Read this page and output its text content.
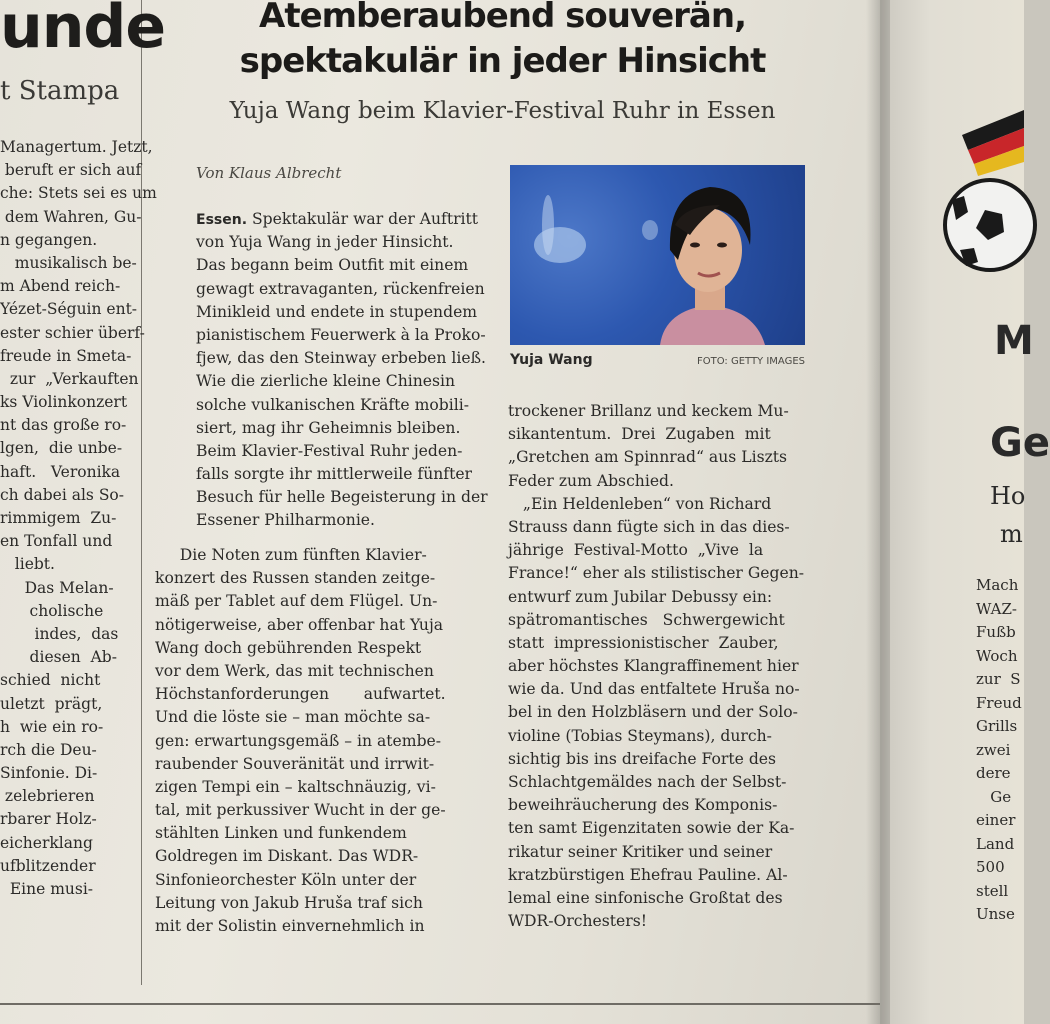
M
Ge
Ho
m
Mach
WAZ-
Fußb
Woch
zur  S
Freud
Grills
zwei
dere
Ge
einer
Land
500
stell
Unse
unde
t Stampa
Managertum. Jetzt,
beruft er sich auf
che: Stets sei es um
dem Wahren, Gu-
n gegangen.
musikalisch be-
m Abend reich-
Yézet-Séguin ent-
ester schier überf-
freude in Smeta-
zur  „Verkauften
ks Violinkonzert
nt das große ro-
lgen,  die unbe-
haft.   Veronika
ch dabei als So-
rimmigem  Zu-
en Tonfall und
liebt.
Das Melan-
cholische
indes,  das
diesen  Ab-
schied  nicht
uletzt  prägt,
h  wie ein ro-
rch die Deu-
Sinfonie. Di-
zelebrieren
rbarer Holz-
eicherklang
ufblitzender
Eine musi-
Atemberaubend souverän,
spektakulär in jeder Hinsicht
Yuja Wang beim Klavier-Festival Ruhr in Essen
Von Klaus Albrecht
Essen. Spektakulär war der Auftritt
von Yuja Wang in jeder Hinsicht.
Das begann beim Outfit mit einem
gewagt extravaganten, rückenfreien
Minikleid und endete in stupendem
pianistischem Feuerwerk à la Proko-
fjew, das den Steinway erbeben ließ.
Wie die zierliche kleine Chinesin
solche vulkanischen Kräfte mobili-
siert, mag ihr Geheimnis bleiben.
Beim Klavier-Festival Ruhr jeden-
falls sorgte ihr mittlerweile fünfter
Besuch für helle Begeisterung in der
Essener Philharmonie.
Die Noten zum fünften Klavier-
konzert des Russen standen zeitge-
mäß per Tablet auf dem Flügel. Un-
nötigerweise, aber offenbar hat Yuja
Wang doch gebührenden Respekt
vor dem Werk, das mit technischen
Höchstanforderungen       aufwartet.
Und die löste sie – man möchte sa-
gen: erwartungsgemäß – in atembe-
raubender Souveränität und irrwit-
zigen Tempi ein – kaltschnäuzig, vi-
tal, mit perkussiver Wucht in der ge-
stählten Linken und funkendem
Goldregen im Diskant. Das WDR-
Sinfonieorchester Köln unter der
Leitung von Jakub Hruša traf sich
mit der Solistin einvernehmlich in
Yuja Wang	FOTO: GETTY IMAGES
trockener Brillanz und keckem Mu-
sikantentum.  Drei  Zugaben  mit
„Gretchen am Spinnrad“ aus Liszts
Feder zum Abschied.
„Ein Heldenleben“ von Richard
Strauss dann fügte sich in das dies-
jährige  Festival-Motto  „Vive  la
France!“ eher als stilistischer Gegen-
entwurf zum Jubilar Debussy ein:
spätromantisches   Schwergewicht
statt  impressionistischer  Zauber,
aber höchstes Klangraffinement hier
wie da. Und das entfaltete Hruša no-
bel in den Holzbläsern und der Solo-
violine (Tobias Steymans), durch-
sichtig bis ins dreifache Forte des
Schlachtgemäldes nach der Selbst-
beweihräucherung des Komponis-
ten samt Eigenzitaten sowie der Ka-
rikatur seiner Kritiker und seiner
kratzbürstigen Ehefrau Pauline. Al-
lemal eine sinfonische Großtat des
WDR-Orchesters!
